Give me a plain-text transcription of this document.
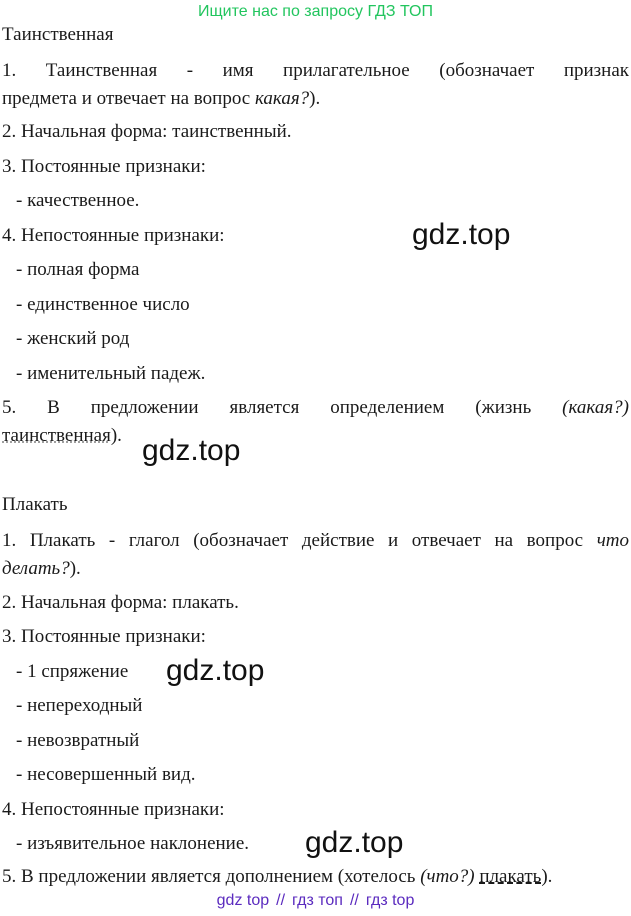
Ищите нас по запросу ГДЗ ТОП
Таинственная
1. Таинственная - имя прилагательное (обозначает признак
предмета и отвечает на вопрос какая?).
2. Начальная форма: таинственный.
3. Постоянные признаки:
- качественное.
4. Непостоянные признаки:
- полная форма
- единственное число
- женский род
- именительный падеж.
5. В предложении является определением (жизнь (какая?)
таинственная).
Плакать
1. Плакать - глагол (обозначает действие и отвечает на вопрос что
делать?).
2. Начальная форма: плакать.
3. Постоянные признаки:
- 1 спряжение
- непереходный
- невозвратный
- несовершенный вид.
4. Непостоянные признаки:
- изъявительное наклонение.
5. В предложении является дополнением (хотелось (что?) плакать).
gdz.top
gdz.top
gdz.top
gdz.top
gdz top // гдз топ // гдз top
